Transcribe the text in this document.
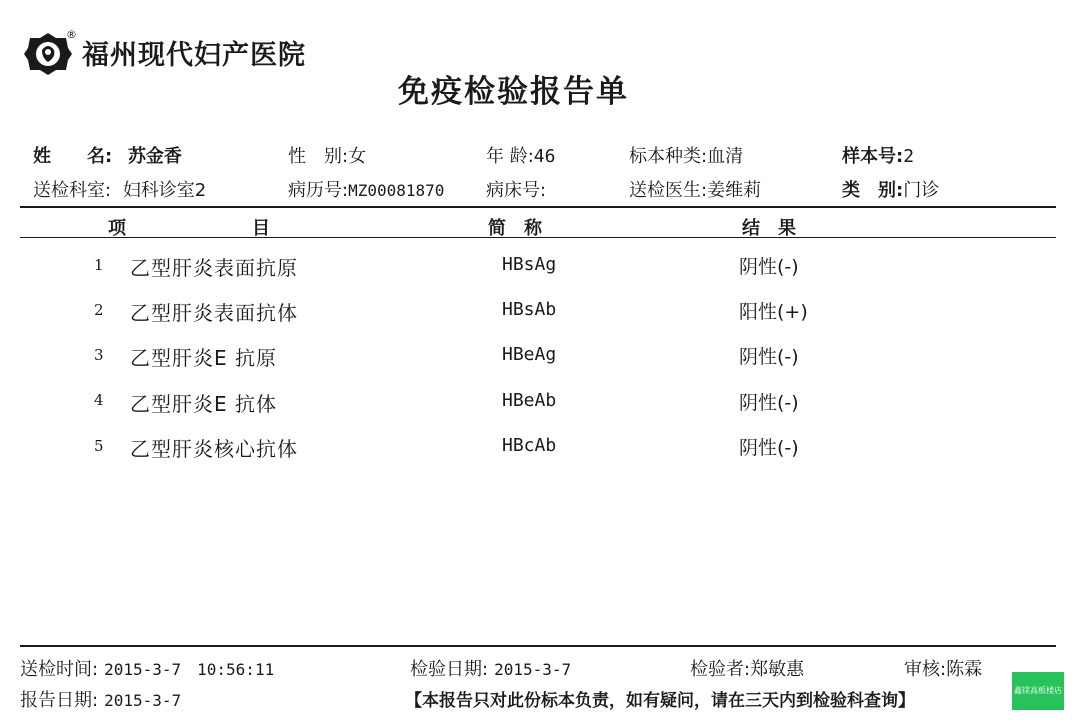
®
福州现代妇产医院
免疫检验报告单
姓　　名: 苏金香	性　别:女	年 龄:46	标本种类:血清	样本号:2
送检科室: 妇科诊室2	病历号:MZ00081870 病床号:	送检医生:姜维莉	类　别:门诊
项	目	简　称	结　果
1 乙型肝炎表面抗原	HBsAg	阴性(-)
2 乙型肝炎表面抗体	HBsAb	阳性(+)
3 乙型肝炎E 抗原	HBeAg	阴性(-)
4 乙型肝炎E 抗体	HBeAb	阴性(-)
5 乙型肝炎核心抗体	HBcAb	阴性(-)
送检时间: 2015-3-7　10:56:11	检验日期: 2015-3-7	检验者:郑敏惠	审核:陈霖
报告日期: 2015-3-7	【本报告只对此份标本负责，如有疑问，请在三天内到检验科查询】
鑫镁高板楼店
